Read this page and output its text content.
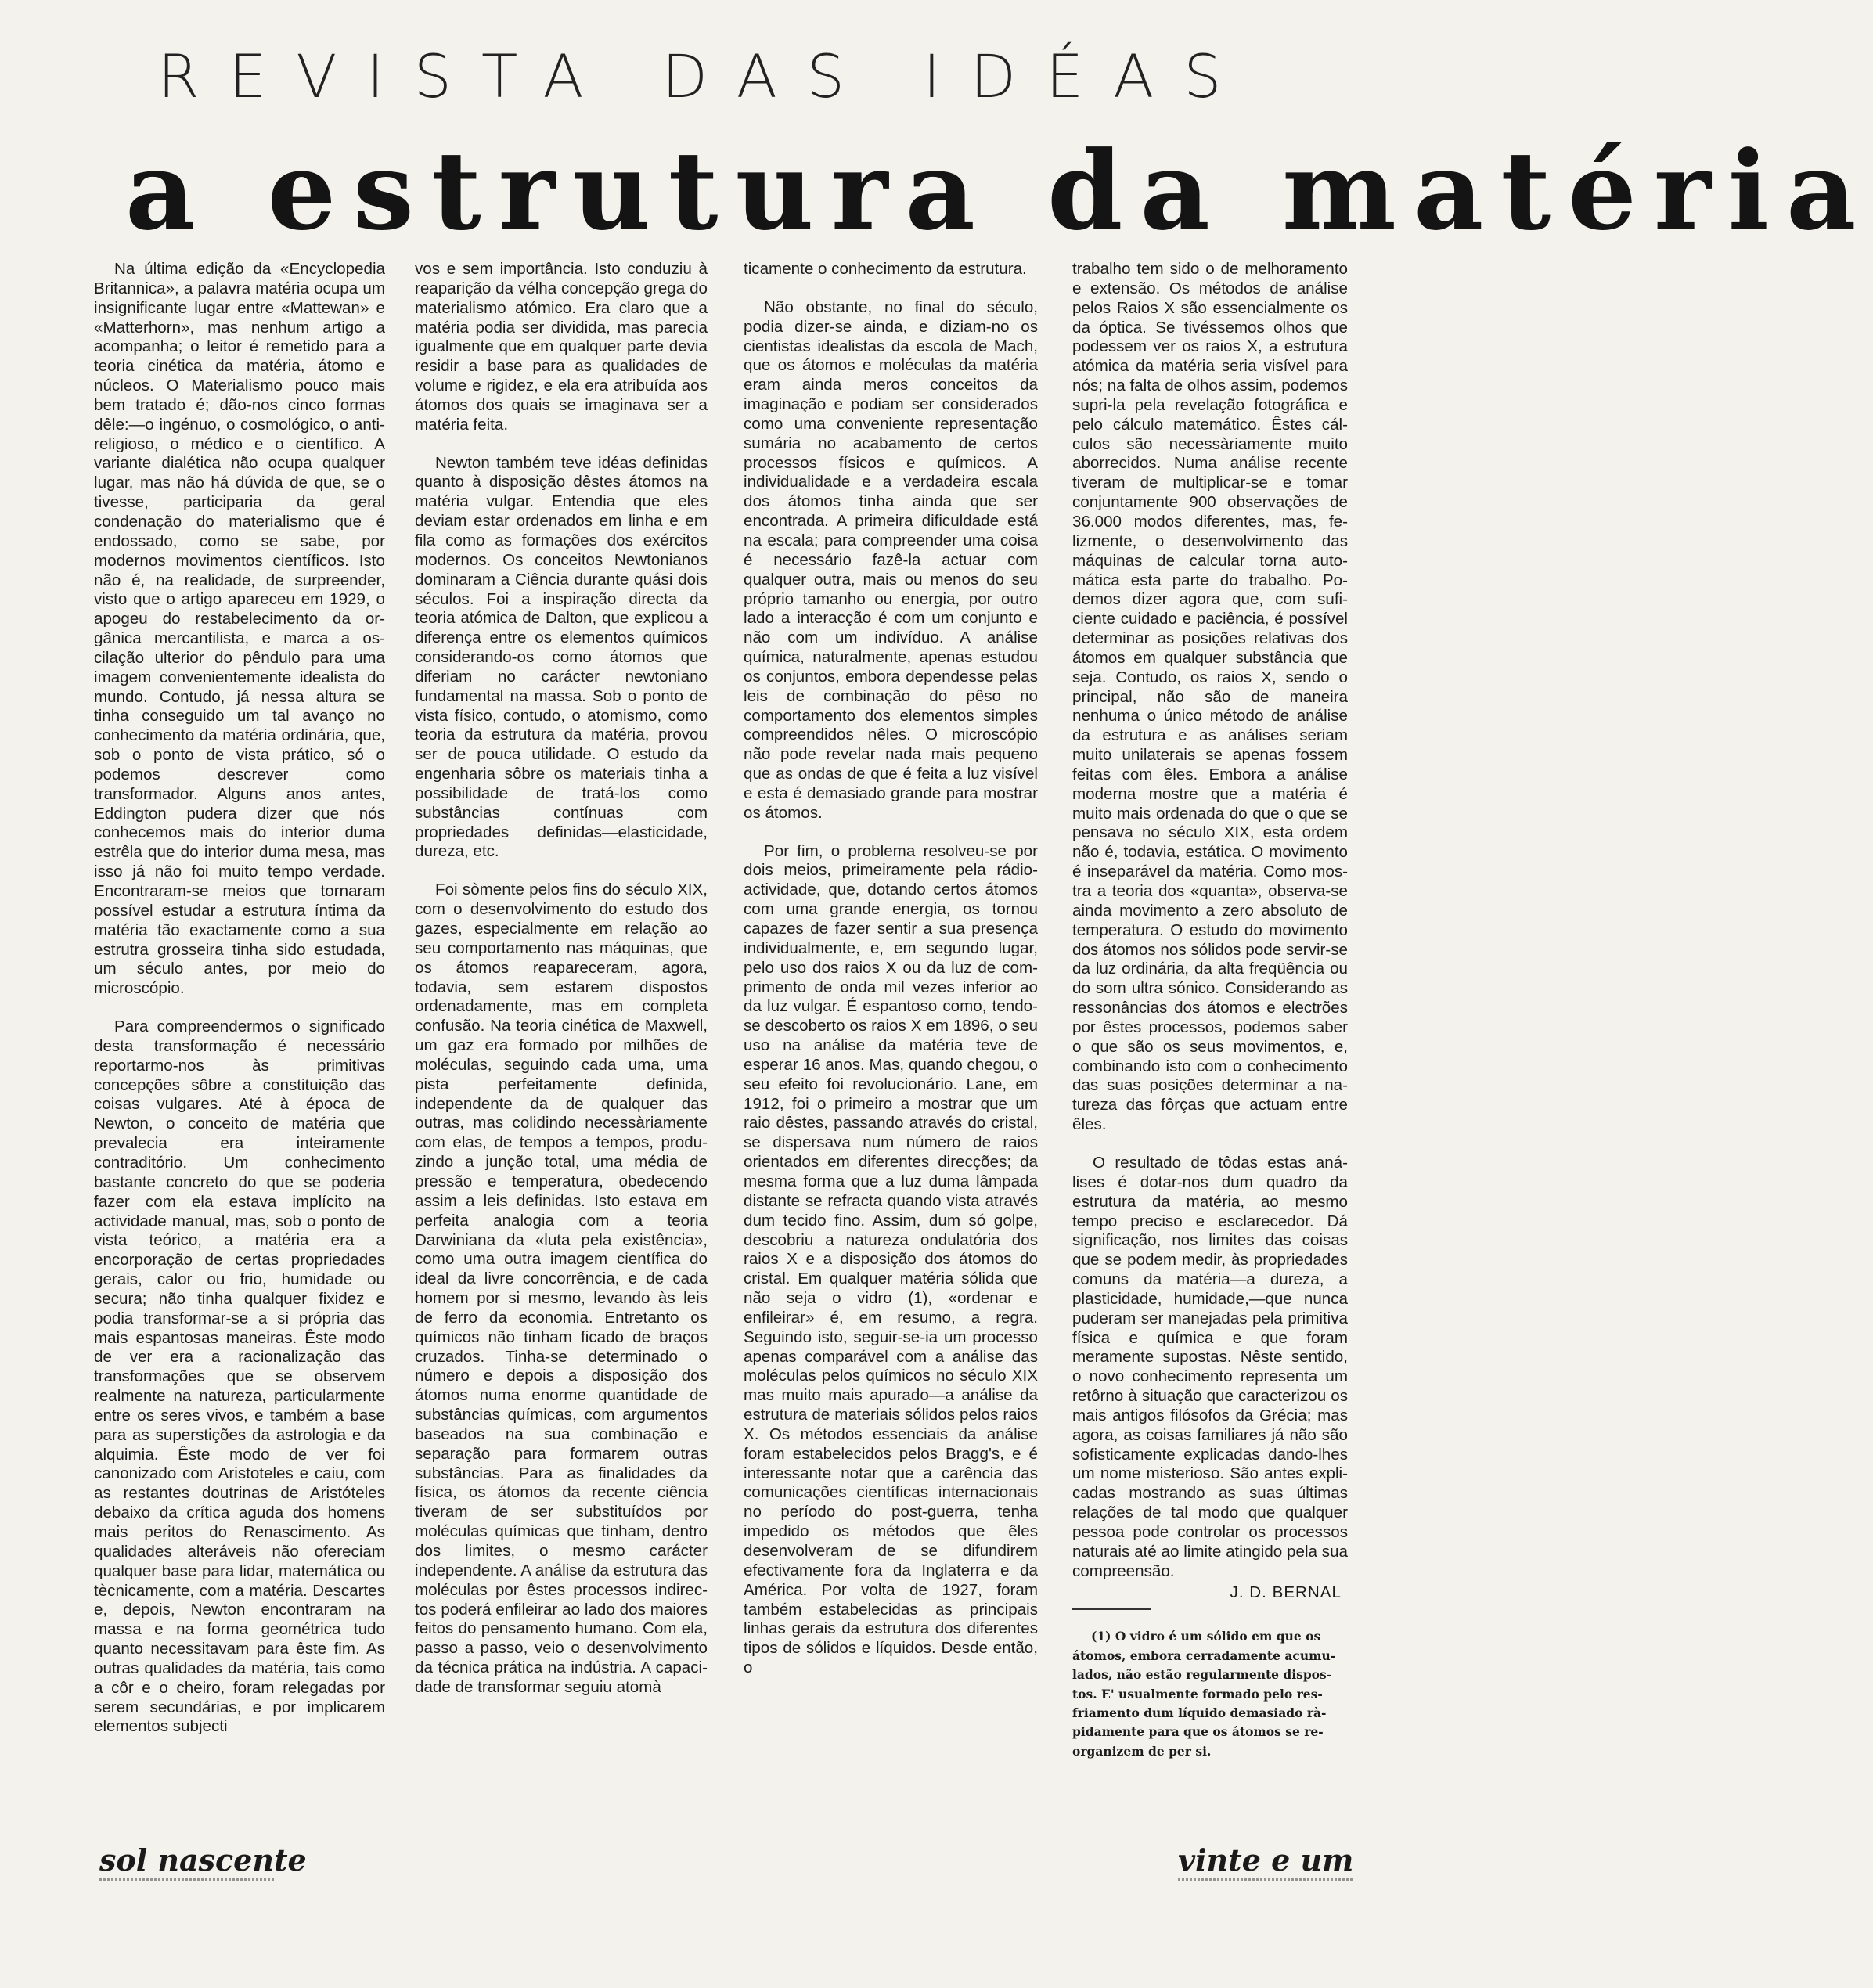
REVISTA DAS IDÉAS
a estrutura da matéria

Na última edição da «Encyclopedia Britannica», a palavra matéria ocupa um insignificante lugar entre «Mattewan» e «Matterhorn», mas nenhum artigo a acompanha; o leitor é remetido para a teoria cinética da matéria, átomo e núcleos. O Materialismo pouco mais bem tratado é; dão-nos cinco formas dêle:—o ingénuo, o cosmológico, o anti-religioso, o médico e o científico. A variante dialética não ocupa qualquer lugar, mas não há dúvida de que, se o tivesse, participaria da geral condenação do materialismo que é endossado, como se sabe, por modernos movimentos científicos. Isto não é, na realidade, de surpreender, visto que o artigo apareceu em 1929, o apogeu do restabelecimento da orgânica mercantilista, e marca a oscilação ulterior do pêndulo para uma imagem convenientemente idealista do mundo. Contudo, já nessa altura se tinha conseguido um tal avanço no conhecimento da matéria ordinária, que, sob o ponto de vista prático, só o podemos descrever como transformador. Alguns anos antes, Eddington pudera dizer que nós conhecemos mais do interior duma estrêla que do interior duma mesa, mas isso já não foi muito tempo verdade. Encontraram-se meios que tornaram possível estudar a estrutura íntima da matéria tão exactamente como a sua estrutra grosseira tinha sido estudada, um século antes, por meio do microscópio.

Para compreendermos o significado desta transformação é necessário reportarmo-nos às primitivas concepções sôbre a constituição das coisas vulgares. Até à época de Newton, o conceito de matéria que prevalecia era inteiramente contraditório. Um conhecimento bastante concreto do que se poderia fazer com ela estava implícito na actividade manual, mas, sob o ponto de vista teórico, a matéria era a encorporação de certas propriedades gerais, calor ou frio, humidade ou secura; não tinha qualquer fixidez e podia transformar-se a si própria das mais espantosas maneiras. Êste modo de ver era a racionalização das transformações que se observem realmente na natureza, particularmente entre os seres vivos, e também a base para as superstições da astrologia e da alquimia. Êste modo de ver foi canonizado com Aristoteles e caiu, com as restantes doutrinas de Aristóteles debaixo da crítica aguda dos homens mais peritos do Renascimento. As qualidades alteráveis não ofereciam qualquer base para lidar, matemática ou tècnicamente, com a matéria. Descartes e, depois, Newton encontraram na massa e na forma geométrica tudo quanto necessitavam para êste fim. As outras qualidades da matéria, tais como a côr e o cheiro, foram relegadas por serem secundárias, e por implicarem elementos subjecti

vos e sem importância. Isto conduziu à reaparição da vélha concepção grega do materialismo atómico. Era claro que a matéria podia ser dividida, mas parecia igualmente que em qualquer parte devia residir a base para as qualidades de volume e rigidez, e ela era atribuída aos átomos dos quais se imaginava ser a matéria feita.

Newton também teve idéas definidas quanto à disposição dêstes átomos na matéria vulgar. Entendia que eles deviam estar ordenados em linha e em fila como as formações dos exércitos modernos. Os conceitos Newtonianos dominaram a Ciência durante quási dois séculos. Foi a inspiração directa da teoria atómica de Dalton, que explicou a diferença entre os elementos químicos considerando-os como átomos que diferiam no carácter newtoniano fundamental na massa. Sob o ponto de vista físico, contudo, o atomismo, como teoria da estrutura da matéria, provou ser de pouca utilidade. O estudo da engenharia sôbre os materiais tinha a possibilidade de tratá-los como substâncias contínuas com propriedades definidas—elasticidade, dureza, etc.

Foi sòmente pelos fins do século XIX, com o desenvolvimento do estudo dos gazes, especialmente em relação ao seu comportamento nas máquinas, que os átomos reapareceram, agora, todavia, sem estarem dispostos ordenadamente, mas em completa confusão. Na teoria cinética de Maxwell, um gaz era formado por milhões de moléculas, seguindo cada uma, uma pista perfeitamente definida, independente da de qualquer das outras, mas colidindo necessàriamente com elas, de tempos a tempos, produzindo a junção total, uma média de pressão e temperatura, obedecendo assim a leis definidas. Isto estava em perfeita analogia com a teoria Darwiniana da «luta pela existência», como uma outra imagem científica do ideal da livre concorrência, e de cada homem por si mesmo, levando às leis de ferro da economia. Entretanto os químicos não tinham ficado de braços cruzados. Tinha-se determinado o número e depois a disposição dos átomos numa enorme quantidade de substâncias químicas, com argumentos baseados na sua combinação e separação para formarem outras substâncias. Para as finalidades da física, os átomos da recente ciência tiveram de ser substituídos por moléculas químicas que tinham, dentro dos limites, o mesmo carácter independente. A análise da estrutura das moléculas por êstes processos indirectos poderá enfileirar ao lado dos maiores feitos do pensamento humano. Com ela, passo a passo, veio o desenvolvimento da técnica prática na indústria. A capacidade de transformar seguiu atomà

ticamente o conhecimento da estrutura.

Não obstante, no final do século, podia dizer-se ainda, e diziam-no os cientistas idealistas da escola de Mach, que os átomos e moléculas da matéria eram ainda meros conceitos da imaginação e podiam ser considerados como uma conveniente representação sumária no acabamento de certos processos físicos e químicos. A individualidade e a verdadeira escala dos átomos tinha ainda que ser encontrada. A primeira dificuldade está na escala; para compreender uma coisa é necessário fazê-la actuar com qualquer outra, mais ou menos do seu próprio tamanho ou energia, por outro lado a interacção é com um conjunto e não com um indivíduo. A análise química, naturalmente, apenas estudou os conjuntos, embora dependesse pelas leis de combinação do pêso no comportamento dos elementos simples compreendidos nêles. O microscópio não pode revelar nada mais pequeno que as ondas de que é feita a luz visível e esta é demasiado grande para mostrar os átomos.

Por fim, o problema resolveu-se por dois meios, primeiramente pela rádio-actividade, que, dotando certos átomos com uma grande energia, os tornou capazes de fazer sentir a sua presença individualmente, e, em segundo lugar, pelo uso dos raios X ou da luz de comprimento de onda mil vezes inferior ao da luz vulgar. É espantoso como, tendo-se descoberto os raios X em 1896, o seu uso na análise da matéria teve de esperar 16 anos. Mas, quando chegou, o seu efeito foi revolucionário. Lane, em 1912, foi o primeiro a mostrar que um raio dêstes, passando através do cristal, se dispersava num número de raios orientados em diferentes direcções; da mesma forma que a luz duma lâmpada distante se refracta quando vista através dum tecido fino. Assim, dum só golpe, descobriu a natureza ondulatória dos raios X e a disposição dos átomos do cristal. Em qualquer matéria sólida que não seja o vidro (1), «ordenar e enfileirar» é, em resumo, a regra. Seguindo isto, seguir-se-ia um processo apenas comparável com a análise das moléculas pelos químicos no século XIX mas muito mais apurado—a análise da estrutura de materiais sólidos pelos raios X. Os métodos essenciais da análise foram estabelecidos pelos Bragg's, e é interessante notar que a carência das comunicações científicas internacionais no período do post-guerra, tenha impedido os métodos que êles desenvolveram de se difundirem efectivamente fora da Inglaterra e da América. Por volta de 1927, foram também estabelecidas as principais linhas gerais da estrutura dos diferentes tipos de sólidos e líquidos. Desde então, o

trabalho tem sido o de melhoramento e extensão. Os métodos de análise pelos Raios X são essencialmente os da óptica. Se tivéssemos olhos que podessem ver os raios X, a estrutura atómica da matéria seria visível para nós; na falta de olhos assim, podemos supri-la pela revelação fotográfica e pelo cálculo matemático. Êstes cálculos são necessàriamente muito aborrecidos. Numa análise recente tiveram de multiplicar-se e tomar conjuntamente 900 observações de 36.000 modos diferentes, mas, felizmente, o desenvolvimento das máquinas de calcular torna automática esta parte do trabalho. Podemos dizer agora que, com suficiente cuidado e paciência, é possível determinar as posições relativas dos átomos em qualquer substância que seja. Contudo, os raios X, sendo o principal, não são de maneira nenhuma o único método de análise da estrutura e as análises seriam muito unilaterais se apenas fossem feitas com êles. Embora a análise moderna mostre que a matéria é muito mais ordenada do que o que se pensava no século XIX, esta ordem não é, todavia, estática. O movimento é inseparável da matéria. Como mostra a teoria dos «quanta», observa-se ainda movimento a zero absoluto de temperatura. O estudo do movimento dos átomos nos sólidos pode servir-se da luz ordinária, da alta freqüência ou do som ultra sónico. Considerando as ressonâncias dos átomos e electrões por êstes processos, podemos saber o que são os seus movimentos, e, combinando isto com o conhecimento das suas posições determinar a natureza das fôrças que actuam entre êles.

O resultado de tôdas estas análises é dotar-nos dum quadro da estrutura da matéria, ao mesmo tempo preciso e esclarecedor. Dá significação, nos limites das coisas que se podem medir, às propriedades comuns da matéria—a dureza, a plasticidade, humidade,—que nunca puderam ser manejadas pela primitiva física e química e que foram meramente supostas. Nêste sentido, o novo conhecimento representa um retôrno à situação que caracterizou os mais antigos filósofos da Grécia; mas agora, as coisas familiares já não são sofisticamente explicadas dando-lhes um nome misterioso. São antes explicadas mostrando as suas últimas relações de tal modo que qualquer pessoa pode controlar os processos naturais até ao limite atingido pela sua compreensão.

J. D. BERNAL

(1) O vidro é um sólido em que os átomos, embora cerradamente acumulados, não estão regularmente dispostos. E' usualmente formado pelo resfriamento dum líquido demasiado ràpidamente para que os átomos se reorganizem de per si.

sol nascente	vinte e um
